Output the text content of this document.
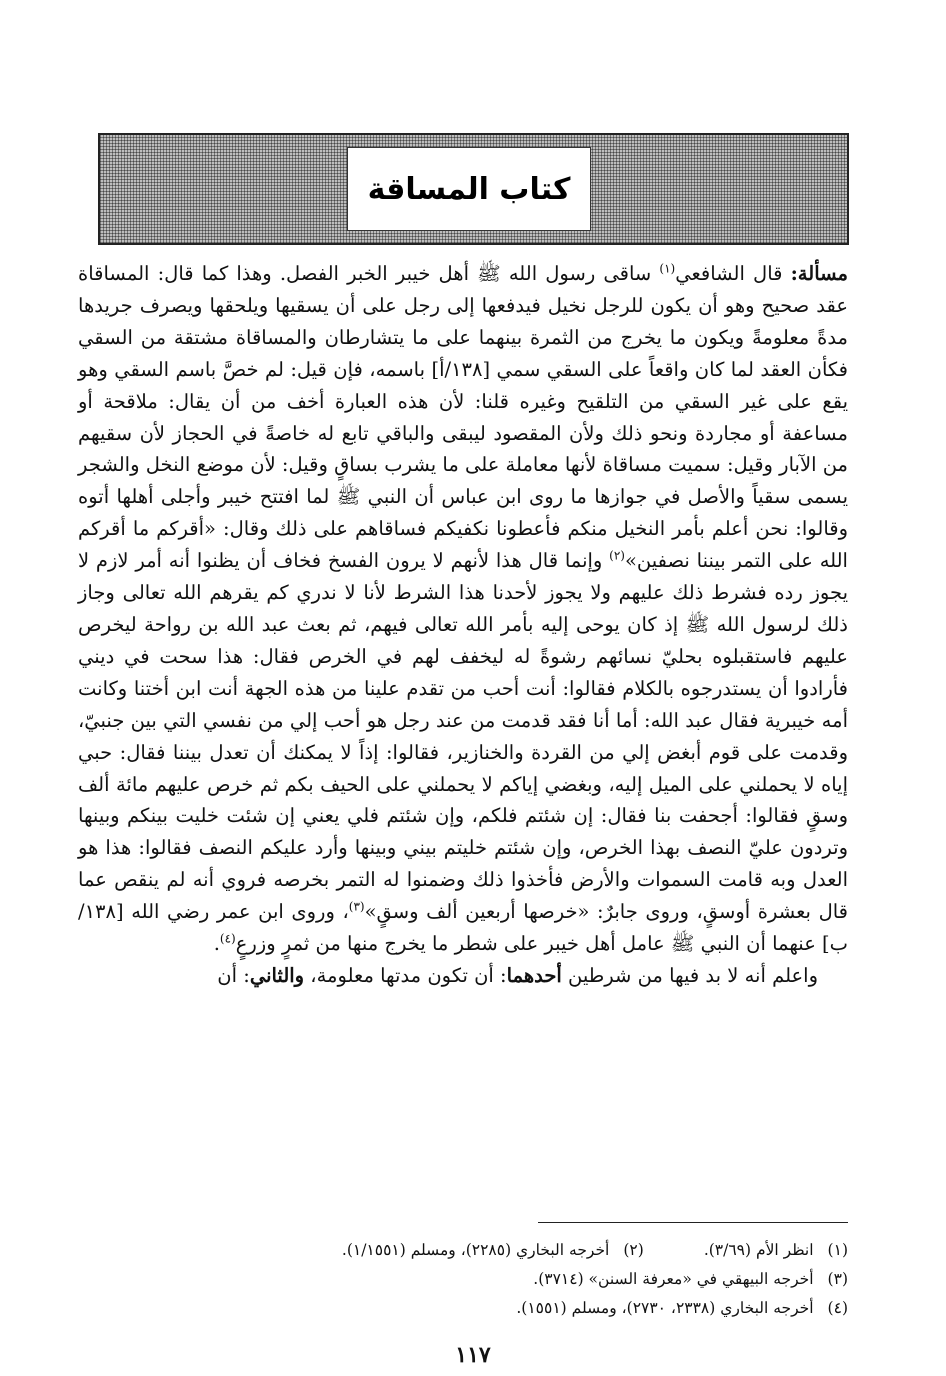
كتاب المساقة

مسألة: قال الشافعي$^{(١)}$ ساقى رسول الله ﷺ أهل خيبر الخبر الفصل. وهذا كما قال: المساقاة عقد صحيح وهو أن يكون للرجل نخيل فيدفعها إلى رجل على أن يسقيها ويلحقها ويصرف جريدها مدةً معلومةً ويكون ما يخرج من الثمرة بينهما على ما يتشارطان والمساقاة مشتقة من السقي فكأن العقد لما كان واقعاً على السقي سمي [١٣٨/أ] باسمه، فإن قيل: لم خصَّ باسم السقي وهو يقع على غير السقي من التلقيح وغيره قلنا: لأن هذه العبارة أخف من أن يقال: ملاقحة أو مساعفة أو مجاردة ونحو ذلك ولأن المقصود ليبقى والباقي تابع له خاصةً في الحجاز لأن سقيهم من الآبار وقيل: سميت مساقاة لأنها معاملة على ما يشرب بساقٍ وقيل: لأن موضع النخل والشجر يسمى سقياً والأصل في جوازها ما روى ابن عباس أن النبي ﷺ لما افتتح خيبر وأجلى أهلها أتوه وقالوا: نحن أعلم بأمر النخيل منكم فأعطونا نكفيكم فساقاهم على ذلك وقال: «أقركم ما أقركم الله على التمر بيننا نصفين»$^{(٢)}$ وإنما قال هذا لأنهم لا يرون الفسخ فخاف أن يظنوا أنه أمر لازم لا يجوز رده فشرط ذلك عليهم ولا يجوز لأحدنا هذا الشرط لأنا لا ندري كم يقرهم الله تعالى وجاز ذلك لرسول الله ﷺ إذ كان يوحى إليه بأمر الله تعالى فيهم، ثم بعث عبد الله بن رواحة ليخرص عليهم فاستقبلوه بحليّ نسائهم رشوةً له ليخفف لهم في الخرص فقال: هذا سحت في ديني فأرادوا أن يستدرجوه بالكلام فقالوا: أنت أحب من تقدم علينا من هذه الجهة أنت ابن أختنا وكانت أمه خيبرية فقال عبد الله: أما أنا فقد قدمت من عند رجل هو أحب إلي من نفسي التي بين جنبيّ، وقدمت على قوم أبغض إلي من القردة والخنازير، فقالوا: إذاً لا يمكنك أن تعدل بيننا فقال: حبي إياه لا يحملني على الميل إليه، وبغضي إياكم لا يحملني على الحيف بكم ثم خرص عليهم مائة ألف وسقٍ فقالوا: أجحفت بنا فقال: إن شئتم فلكم، وإن شئتم فلي يعني إن شئت خليت بينكم وبينها وتردون عليّ النصف بهذا الخرص، وإن شئتم خليتم بيني وبينها وأرد عليكم النصف فقالوا: هذا هو العدل وبه قامت السموات والأرض فأخذوا ذلك وضمنوا له التمر بخرصه فروي أنه لم ينقص عما قال بعشرة أوسقٍ، وروى جابرٌ: «خرصها أربعين ألف وسقٍ»$^{(٣)}$، وروى ابن عمر رضي الله [١٣٨/ب] عنهما أن النبي ﷺ عامل أهل خيبر على شطر ما يخرج منها من ثمرٍ وزرعٍ$^{(٤)}$.

واعلم أنه لا بد فيها من شرطين أحدهما: أن تكون مدتها معلومة، والثاني: أن

(١)انظر الأم (٣/٦٩).
(٢)أخرجه البخاري (٢٢٨٥)، ومسلم (١/١٥٥١).
(٣)أخرجه البيهقي في «معرفة السنن» (٣٧١٤).
(٤)أخرجه البخاري (٢٣٣٨، ٢٧٣٠)، ومسلم (١٥٥١).
١١٧
